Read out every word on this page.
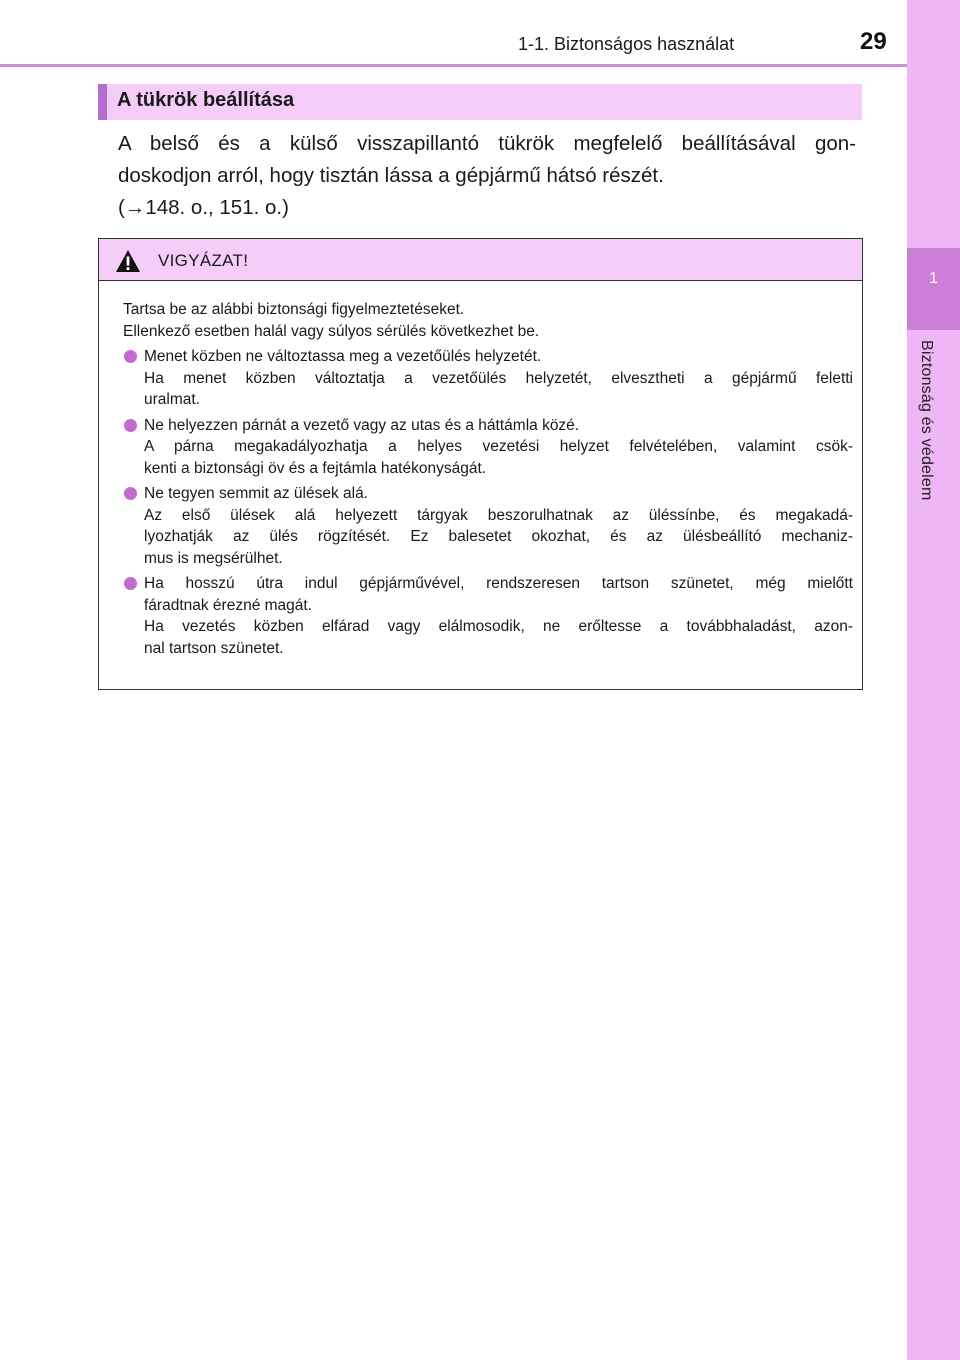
1
Biztonság és védelem
1-1. Biztonságos használat	29
A tükrök beállítása
A belső és a külső visszapillantó tükrök megfelelő beállításával gon-
doskodjon arról, hogy tisztán lássa a gépjármű hátsó részét.
(→148. o., 151. o.)
VIGYÁZAT!
Tartsa be az alábbi biztonsági figyelmeztetéseket.
Ellenkező esetben halál vagy súlyos sérülés következhet be.
Menet közben ne változtassa meg a vezetőülés helyzetét.
Ha menet közben változtatja a vezetőülés helyzetét, elvesztheti a gépjármű feletti
uralmat.
Ne helyezzen párnát a vezető vagy az utas és a háttámla közé.
A párna megakadályozhatja a helyes vezetési helyzet felvételében, valamint csök-
kenti a biztonsági öv és a fejtámla hatékonyságát.
Ne tegyen semmit az ülések alá.
Az első ülések alá helyezett tárgyak beszorulhatnak az üléssínbe, és megakadá-
lyozhatják az ülés rögzítését. Ez balesetet okozhat, és az ülésbeállító mechaniz-
mus is megsérülhet.
Ha hosszú útra indul gépjárművével, rendszeresen tartson szünetet, még mielőtt
fáradtnak érezné magát.
Ha vezetés közben elfárad vagy elálmosodik, ne erőltesse a továbbhaladást, azon-
nal tartson szünetet.
